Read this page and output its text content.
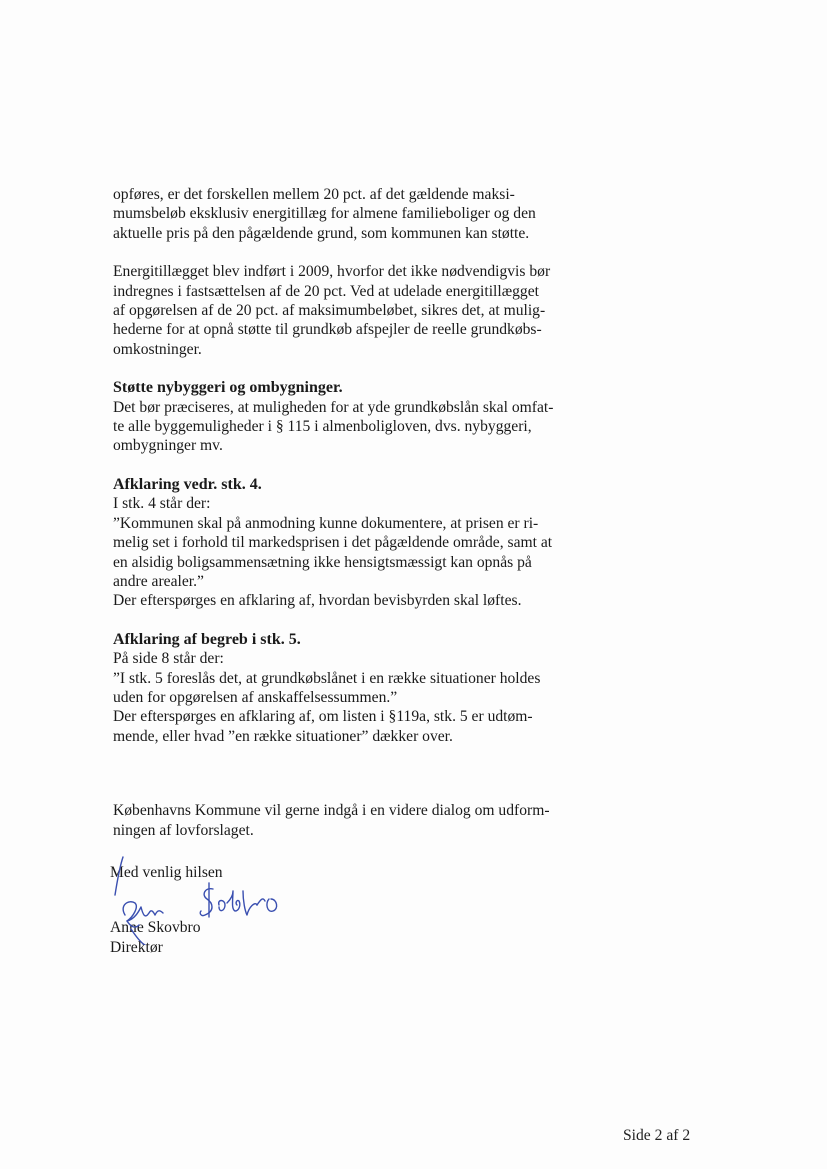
opføres, er det forskellen mellem 20 pct. af det gældende maksi-
mumsbeløb eksklusiv energitillæg for almene familieboliger og den
aktuelle pris på den pågældende grund, som kommunen kan støtte.
Energitillægget blev indført i 2009, hvorfor det ikke nødvendigvis bør
indregnes i fastsættelsen af de 20 pct. Ved at udelade energitillægget
af opgørelsen af de 20 pct. af maksimumbeløbet, sikres det, at mulig-
hederne for at opnå støtte til grundkøb afspejler de reelle grundkøbs-
omkostninger.
Støtte nybyggeri og ombygninger.
Det bør præciseres, at muligheden for at yde grundkøbslån skal omfat-
te alle byggemuligheder i § 115 i almenboligloven, dvs. nybyggeri,
ombygninger mv.
Afklaring vedr. stk. 4.
I stk. 4 står der:
”Kommunen skal på anmodning kunne dokumentere, at prisen er ri-
melig set i forhold til markedsprisen i det pågældende område, samt at
en alsidig boligsammensætning ikke hensigtsmæssigt kan opnås på
andre arealer.”
Der efterspørges en afklaring af, hvordan bevisbyrden skal løftes.
Afklaring af begreb i stk. 5.
På side 8 står der:
”I stk. 5 foreslås det, at grundkøbslånet i en række situationer holdes
uden for opgørelsen af anskaffelsessummen.”
Der efterspørges en afklaring af, om listen i §119a, stk. 5 er udtøm-
mende, eller hvad ”en række situationer” dækker over.
Københavns Kommune vil gerne indgå i en videre dialog om udform-
ningen af lovforslaget.
Med venlig hilsen
Anne Skovbro
Direktør
Side 2 af 2
